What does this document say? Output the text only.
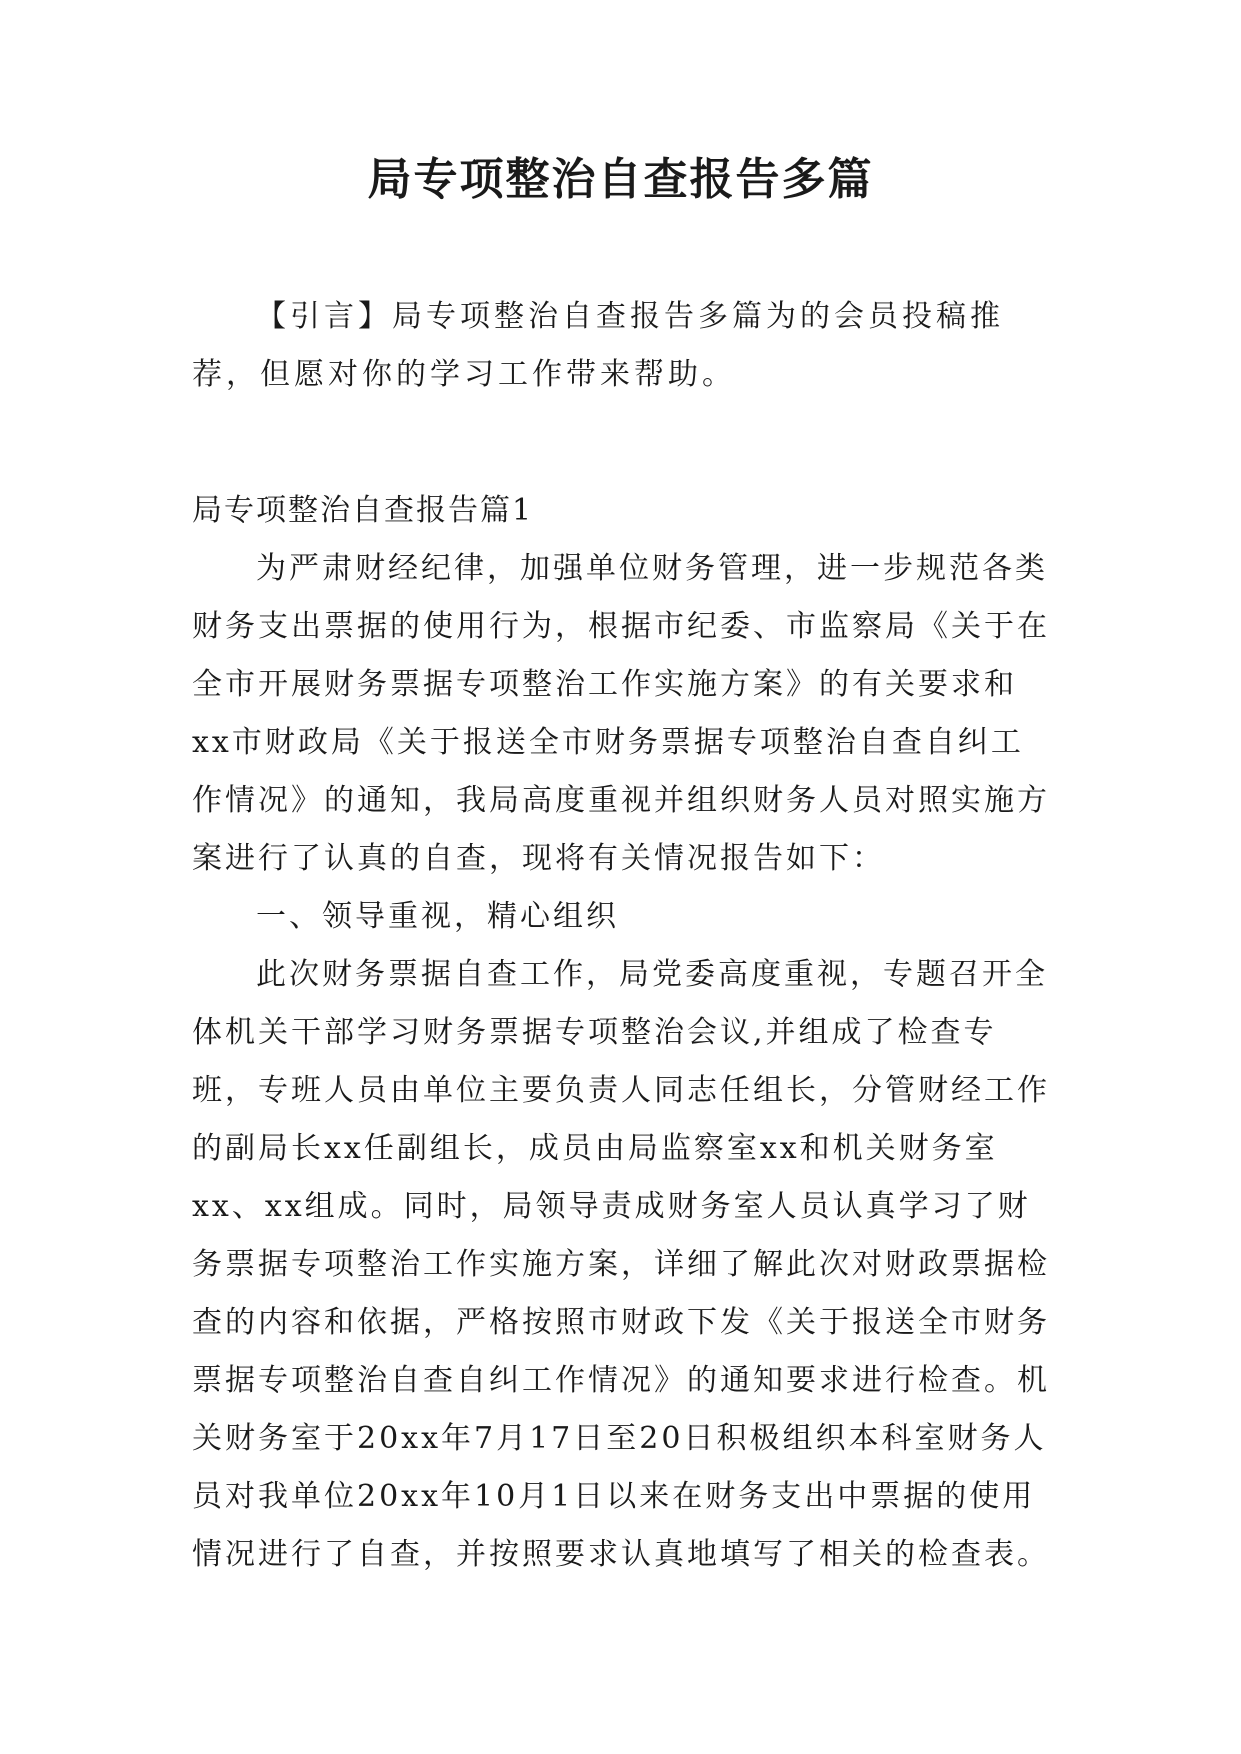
局专项整治自查报告多篇

【引言】局专项整治自查报告多篇为的会员投稿推荐，但愿对你的学习工作带来帮助。

局专项整治自查报告篇1

为严肃财经纪律，加强单位财务管理，进一步规范各类财务支出票据的使用行为，根据市纪委、市监察局《关于在全市开展财务票据专项整治工作实施方案》的有关要求和xx市财政局《关于报送全市财务票据专项整治自查自纠工作情况》的通知，我局高度重视并组织财务人员对照实施方案进行了认真的自查，现将有关情况报告如下：

一、领导重视，精心组织

此次财务票据自查工作，局党委高度重视，专题召开全体机关干部学习财务票据专项整治会议,并组成了检查专班，专班人员由单位主要负责人同志任组长，分管财经工作的副局长xx任副组长，成员由局监察室xx和机关财务室xx、xx组成。同时，局领导责成财务室人员认真学习了财务票据专项整治工作实施方案，详细了解此次对财政票据检查的内容和依据，严格按照市财政下发《关于报送全市财务票据专项整治自查自纠工作情况》的通知要求进行检查。机关财务室于20xx年7月17日至20日积极组织本科室财务人员对我单位20xx年10月1日以来在财务支出中票据的使用情况进行了自查，并按照要求认真地填写了相关的检查表。
